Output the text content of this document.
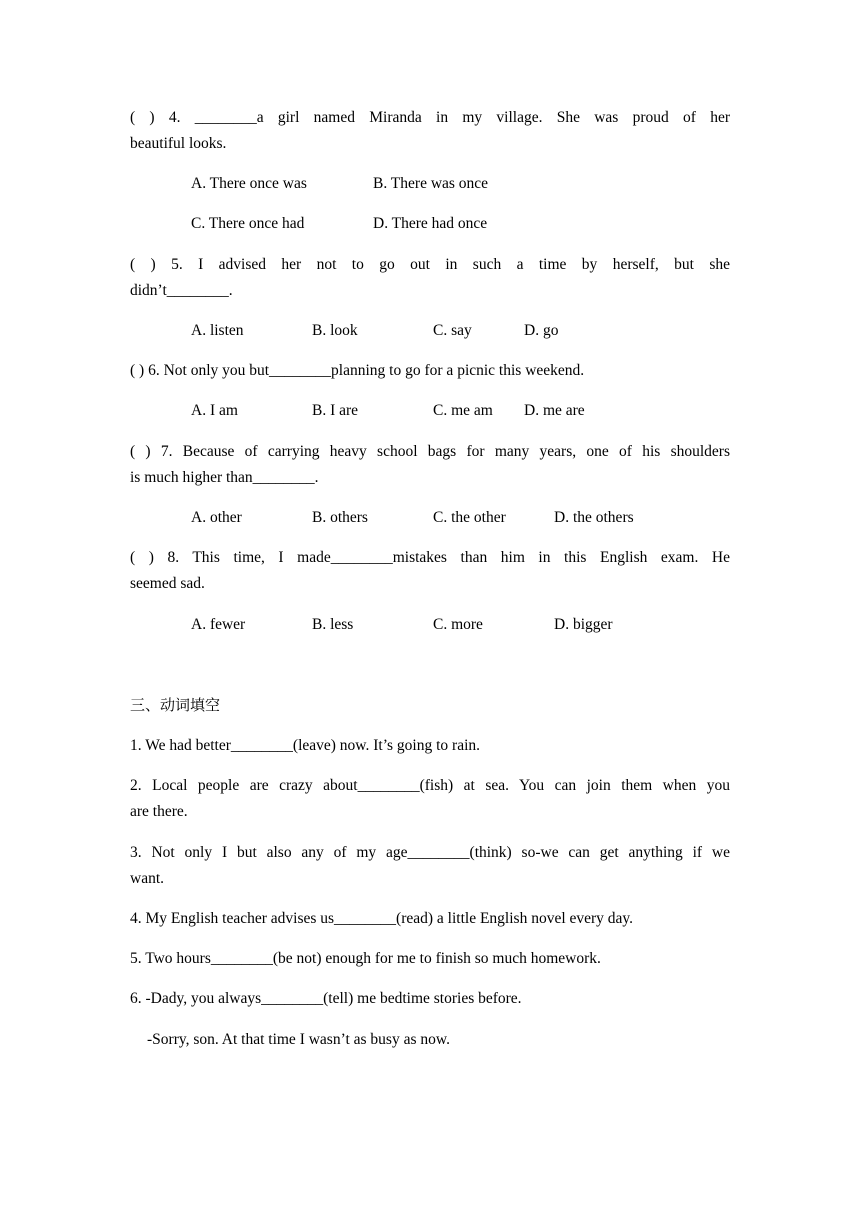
( ) 4. ________a girl named Miranda in my village. She was proud of her
beautiful looks.
A. There once was	B. There was once
C. There once had	D. There had once
( ) 5. I advised her not to go out in such a time by herself, but she
didn’t________.
A. listen	B. look	C. say	D. go
( ) 6. Not only you but________planning to go for a picnic this weekend.
A. I am	B. I are	C. me am D. me are
( ) 7. Because of carrying heavy school bags for many years, one of his shoulders
is much higher than________.
A. other	B. others	C. the other	D. the others
( ) 8. This time, I made________mistakes than him in this English exam. He
seemed sad.
A. fewer	B. less	C. more	D. bigger
三、动词填空
1. We had better________(leave) now. It’s going to rain.
2. Local people are crazy about________(fish) at sea. You can join them when you
are there.
3. Not only I but also any of my age________(think) so-we can get anything if we
want.
4. My English teacher advises us________(read) a little English novel every day.
5. Two hours________(be not) enough for me to finish so much homework.
6. -Dady, you always________(tell) me bedtime stories before.
-Sorry, son. At that time I wasn’t as busy as now.
